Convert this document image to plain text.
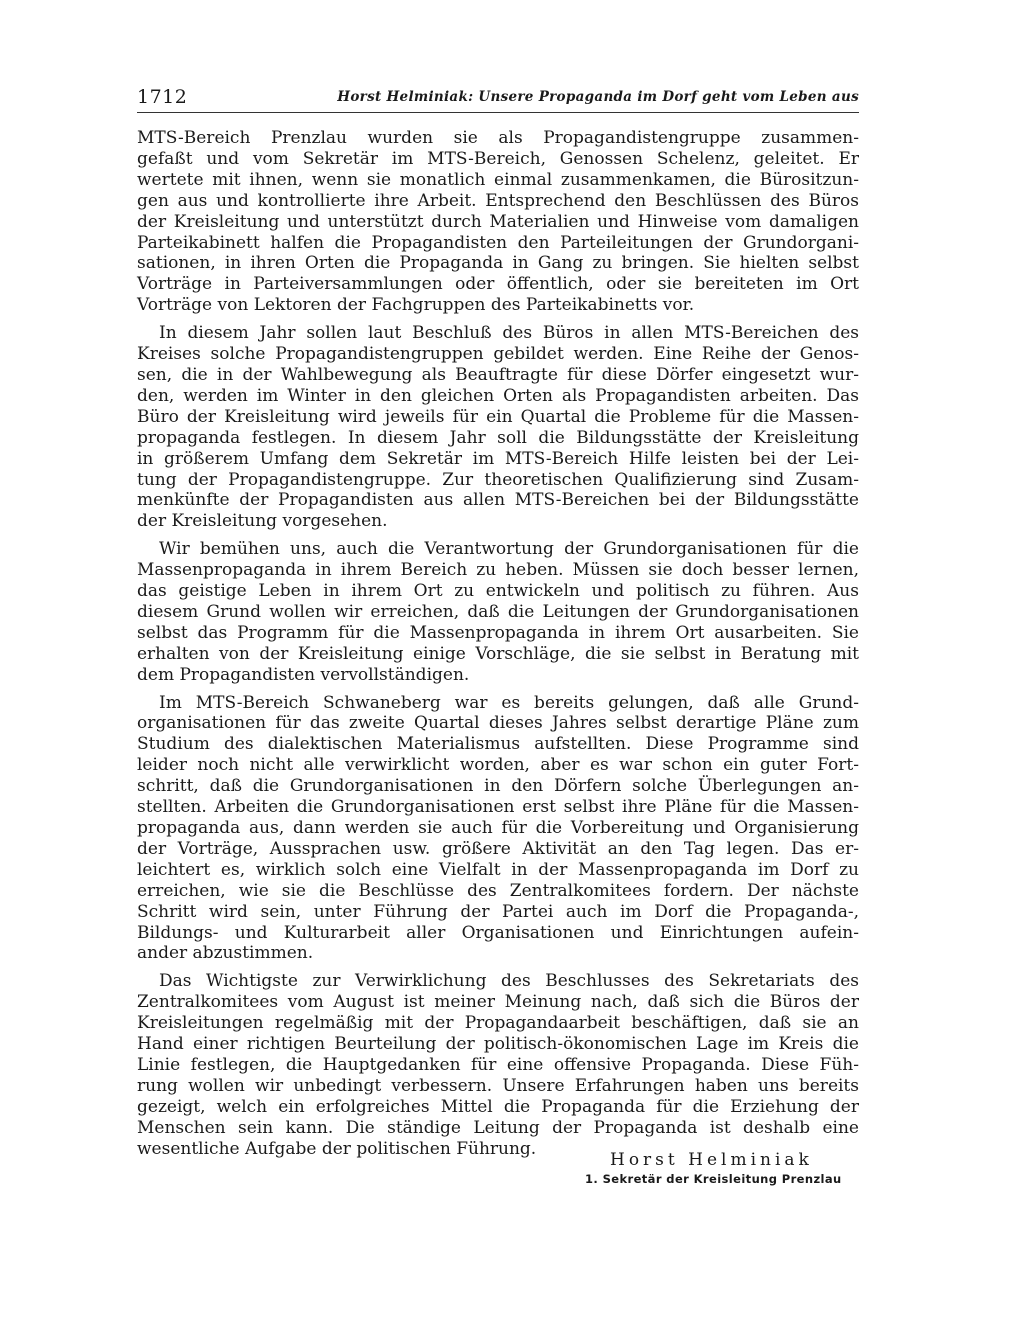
1712	Horst Helminiak: Unsere Propaganda im Dorf geht vom Leben aus
MTS-Bereich Prenzlau wurden sie als Propagandistengruppe zusammen-
gefaßt und vom Sekretär im MTS-Bereich, Genossen Schelenz, geleitet. Er
wertete mit ihnen, wenn sie monatlich einmal zusammenkamen, die Bürositzun-
gen aus und kontrollierte ihre Arbeit. Entsprechend den Beschlüssen des Büros
der Kreisleitung und unterstützt durch Materialien und Hinweise vom damaligen
Parteikabinett halfen die Propagandisten den Parteileitungen der Grundorgani-
sationen, in ihren Orten die Propaganda in Gang zu bringen. Sie hielten selbst
Vorträge in Parteiversammlungen oder öffentlich, oder sie bereiteten im Ort
Vorträge von Lektoren der Fachgruppen des Parteikabinetts vor.
In diesem Jahr sollen laut Beschluß des Büros in allen MTS-Bereichen des
Kreises solche Propagandistengruppen gebildet werden. Eine Reihe der Genos-
sen, die in der Wahlbewegung als Beauftragte für diese Dörfer eingesetzt wur-
den, werden im Winter in den gleichen Orten als Propagandisten arbeiten. Das
Büro der Kreisleitung wird jeweils für ein Quartal die Probleme für die Massen-
propaganda festlegen. In diesem Jahr soll die Bildungsstätte der Kreisleitung
in größerem Umfang dem Sekretär im MTS-Bereich Hilfe leisten bei der Lei-
tung der Propagandistengruppe. Zur theoretischen Qualifizierung sind Zusam-
menkünfte der Propagandisten aus allen MTS-Bereichen bei der Bildungsstätte
der Kreisleitung vorgesehen.
Wir bemühen uns, auch die Verantwortung der Grundorganisationen für die
Massenpropaganda in ihrem Bereich zu heben. Müssen sie doch besser lernen,
das geistige Leben in ihrem Ort zu entwickeln und politisch zu führen. Aus
diesem Grund wollen wir erreichen, daß die Leitungen der Grundorganisationen
selbst das Programm für die Massenpropaganda in ihrem Ort ausarbeiten. Sie
erhalten von der Kreisleitung einige Vorschläge, die sie selbst in Beratung mit
dem Propagandisten vervollständigen.
Im MTS-Bereich Schwaneberg war es bereits gelungen, daß alle Grund-
organisationen für das zweite Quartal dieses Jahres selbst derartige Pläne zum
Studium des dialektischen Materialismus aufstellten. Diese Programme sind
leider noch nicht alle verwirklicht worden, aber es war schon ein guter Fort-
schritt, daß die Grundorganisationen in den Dörfern solche Überlegungen an-
stellten. Arbeiten die Grundorganisationen erst selbst ihre Pläne für die Massen-
propaganda aus, dann werden sie auch für die Vorbereitung und Organisierung
der Vorträge, Aussprachen usw. größere Aktivität an den Tag legen. Das er-
leichtert es, wirklich solch eine Vielfalt in der Massenpropaganda im Dorf zu
erreichen, wie sie die Beschlüsse des Zentralkomitees fordern. Der nächste
Schritt wird sein, unter Führung der Partei auch im Dorf die Propaganda-,
Bildungs- und Kulturarbeit aller Organisationen und Einrichtungen aufein-
ander abzustimmen.
Das Wichtigste zur Verwirklichung des Beschlusses des Sekretariats des
Zentralkomitees vom August ist meiner Meinung nach, daß sich die Büros der
Kreisleitungen regelmäßig mit der Propagandaarbeit beschäftigen, daß sie an
Hand einer richtigen Beurteilung der politisch-ökonomischen Lage im Kreis die
Linie festlegen, die Hauptgedanken für eine offensive Propaganda. Diese Füh-
rung wollen wir unbedingt verbessern. Unsere Erfahrungen haben uns bereits
gezeigt, welch ein erfolgreiches Mittel die Propaganda für die Erziehung der
Menschen sein kann. Die ständige Leitung der Propaganda ist deshalb eine
wesentliche Aufgabe der politischen Führung.
Horst Helminiak
1. Sekretär der Kreisleitung Prenzlau
